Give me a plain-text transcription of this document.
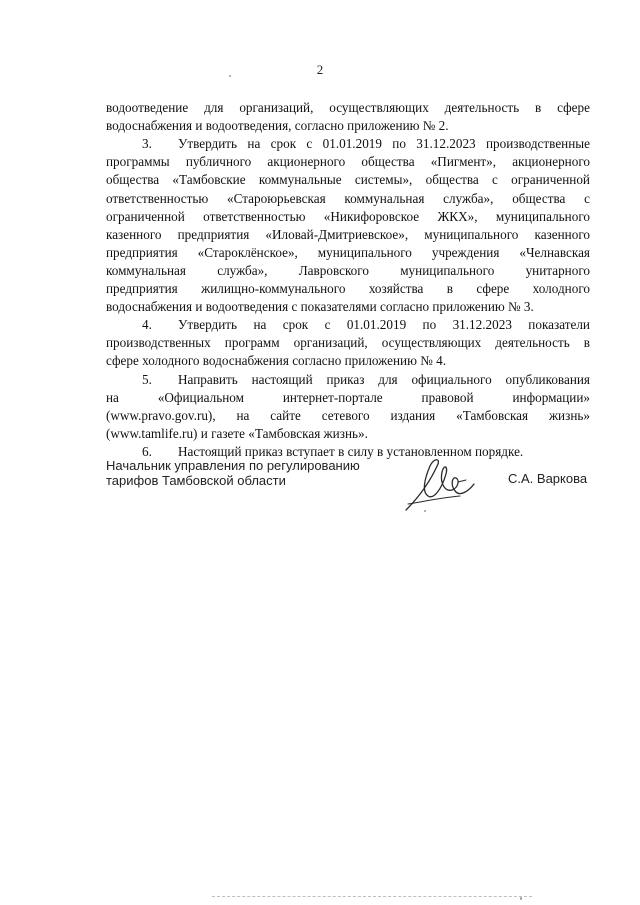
2
водоотведение для организаций, осуществляющих деятельность в сфере
водоснабжения и водоотведения, согласно приложению № 2.
3. Утвердить на срок с 01.01.2019 по 31.12.2023 производственные
программы публичного акционерного общества «Пигмент», акционерного
общества «Тамбовские коммунальные системы», общества с ограниченной
ответственностью «Староюрьевская коммунальная служба», общества с
ограниченной ответственностью «Никифоровское ЖКХ», муниципального
казенного предприятия «Иловай-Дмитриевское», муниципального казенного
предприятия «Староклёнское», муниципального учреждения «Челнавская
коммунальная служба», Лавровского муниципального унитарного
предприятия жилищно-коммунального хозяйства в сфере холодного
водоснабжения и водоотведения с показателями согласно приложению № 3.
4. Утвердить на срок с 01.01.2019 по 31.12.2023 показатели
производственных программ организаций, осуществляющих деятельность в
сфере холодного водоснабжения согласно приложению № 4.
5. Направить настоящий приказ для официального опубликования
на «Официальном интернет-портале правовой информации»
(www.pravo.gov.ru), на сайте сетевого издания «Тамбовская жизнь»
(www.tamlife.ru) и газете «Тамбовская жизнь».
6. Настоящий приказ вступает в силу в установленном порядке.
Начальник управления по регулированию
тарифов Тамбовской области	С.А. Варкова
